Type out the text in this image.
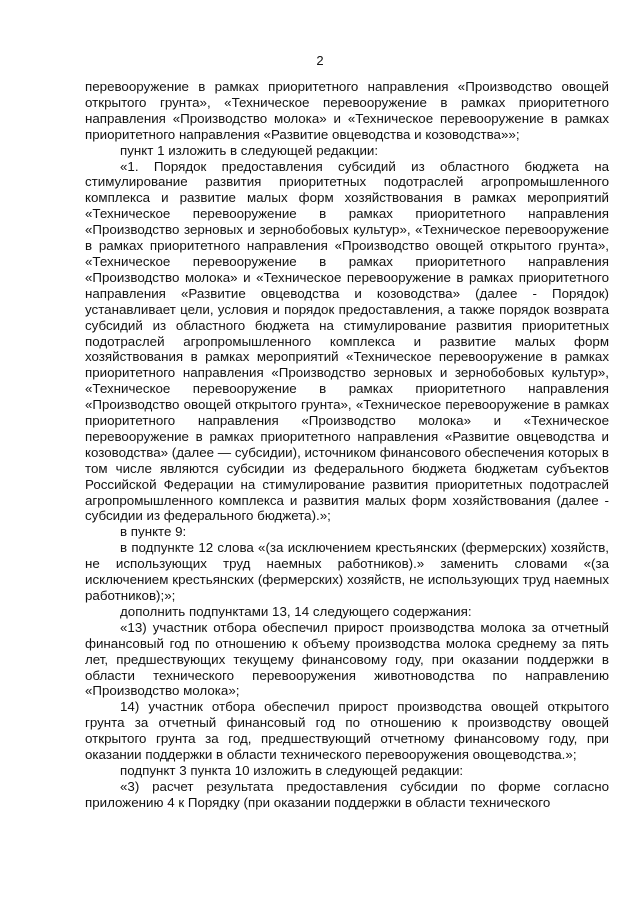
2

перевооружение в рамках приоритетного направления «Производство овощей открытого грунта», «Техническое перевооружение в рамках приоритетного направления «Производство молока» и «Техническое перевооружение в рамках приоритетного направления «Развитие овцеводства и козоводства»»;

пункт 1 изложить в следующей редакции:

«1. Порядок предоставления субсидий из областного бюджета на стимулирование развития приоритетных подотраслей агропромышленного комплекса и развитие малых форм хозяйствования в рамках мероприятий «Техническое перевооружение в рамках приоритетного направления «Производство зерновых и зернобобовых культур», «Техническое перевооружение в рамках приоритетного направления «Производство овощей открытого грунта», «Техническое перевооружение в рамках приоритетного направления «Производство молока» и «Техническое перевооружение в рамках приоритетного направления «Развитие овцеводства и козоводства» (далее - Порядок) устанавливает цели, условия и порядок предоставления, а также порядок возврата субсидий из областного бюджета на стимулирование развития приоритетных подотраслей агропромышленного комплекса и развитие малых форм хозяйствования в рамках мероприятий «Техническое перевооружение в рамках приоритетного направления «Производство зерновых и зернобобовых культур», «Техническое перевооружение в рамках приоритетного направления «Производство овощей открытого грунта», «Техническое перевооружение в рамках приоритетного направления «Производство молока» и «Техническое перевооружение в рамках приоритетного направления «Развитие овцеводства и козоводства» (далее — субсидии), источником финансового обеспечения которых в том числе являются субсидии из федерального бюджета бюджетам субъектов Российской Федерации на стимулирование развития приоритетных подотраслей агропромышленного комплекса и развития малых форм хозяйствования (далее - субсидии из федерального бюджета).»;

в пункте 9:

в подпункте 12 слова «(за исключением крестьянских (фермерских) хозяйств, не использующих труд наемных работников).» заменить словами «(за исключением крестьянских (фермерских) хозяйств, не использующих труд наемных работников);»;

дополнить подпунктами 13, 14 следующего содержания:

«13) участник отбора обеспечил прирост производства молока за отчетный финансовый год по отношению к объему производства молока среднему за пять лет, предшествующих текущему финансовому году, при оказании поддержки в области технического перевооружения животноводства по направлению «Производство молока»;

14) участник отбора обеспечил прирост производства овощей открытого грунта за отчетный финансовый год по отношению к производству овощей открытого грунта за год, предшествующий отчетному финансовому году, при оказании поддержки в области технического перевооружения овощеводства.»;

подпункт 3 пункта 10 изложить в следующей редакции:

«3) расчет результата предоставления субсидии по форме согласно приложению 4 к Порядку (при оказании поддержки в области технического
